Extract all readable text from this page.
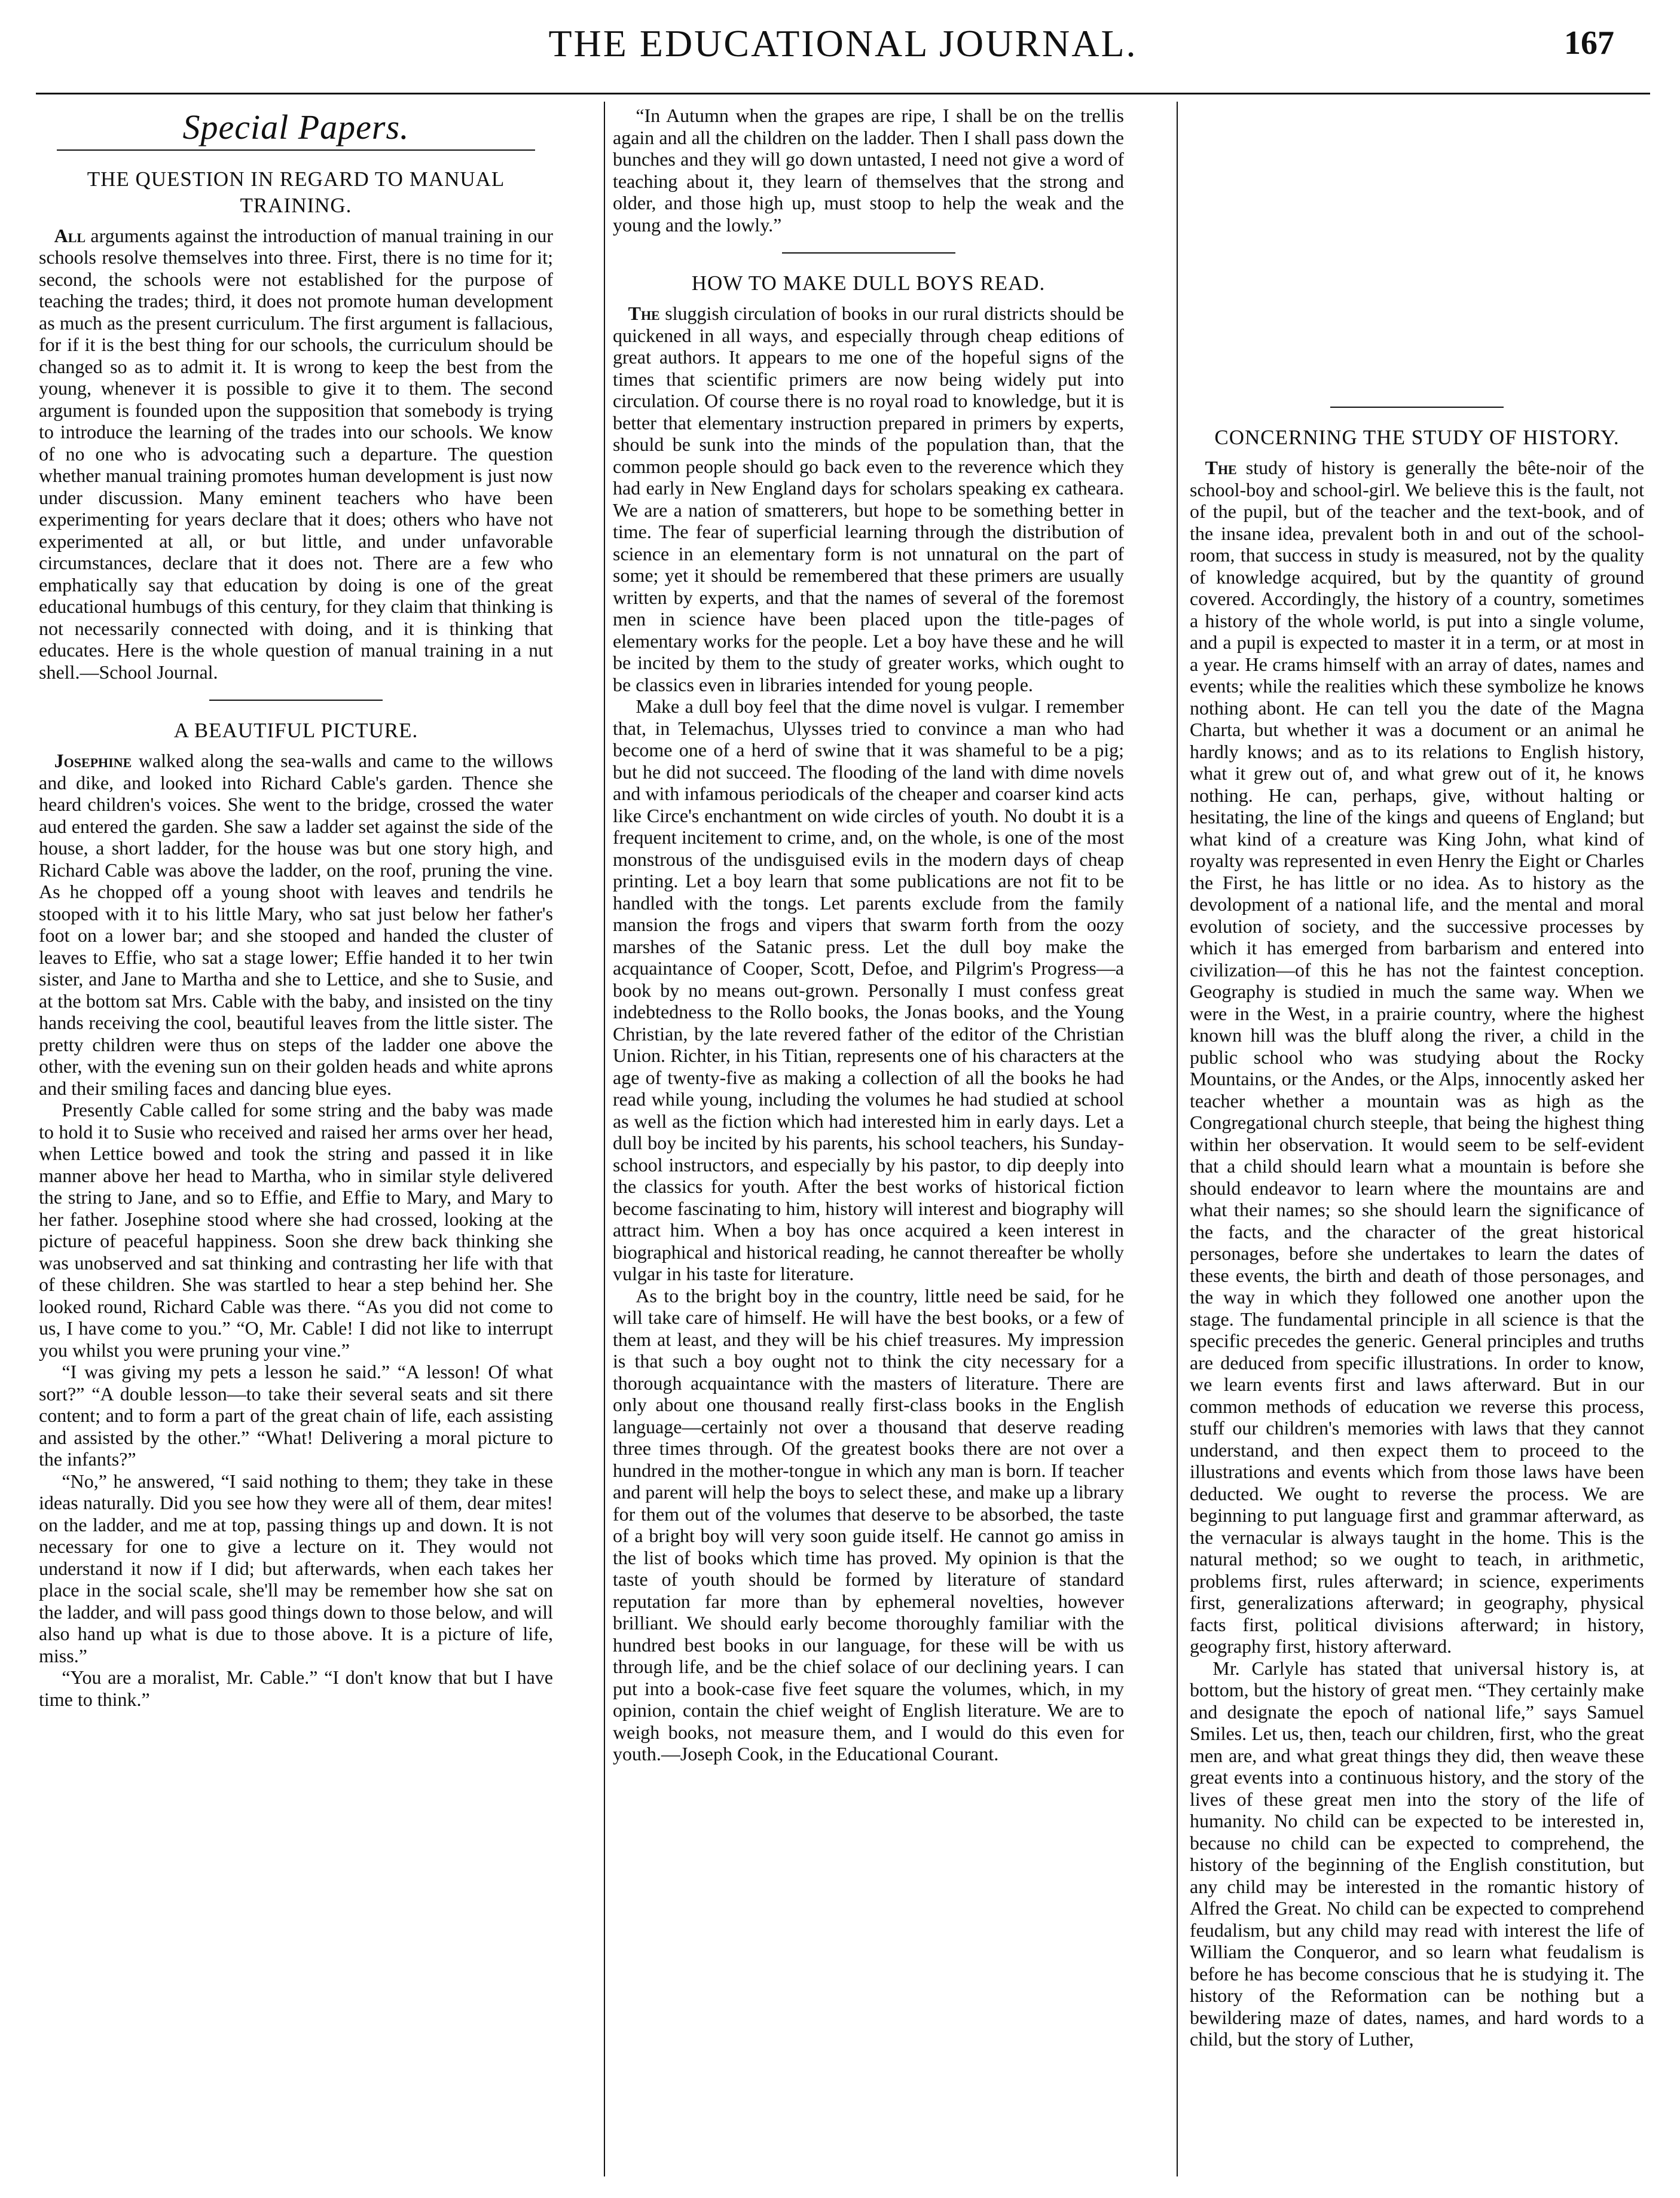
THE EDUCATIONAL JOURNAL.	167
Special Papers.
THE QUESTION IN REGARD TO MANUAL TRAINING.

All arguments against the introduction of manual training in our schools resolve themselves into three. First, there is no time for it; second, the schools were not established for the purpose of teaching the trades; third, it does not promote human development as much as the present curriculum. The first argument is fallacious, for if it is the best thing for our schools, the curriculum should be changed so as to admit it. It is wrong to keep the best from the young, whenever it is possible to give it to them. The second argument is founded upon the supposition that somebody is trying to introduce the learning of the trades into our schools. We know of no one who is advocating such a departure. The question whether manual training promotes human development is just now under discussion. Many eminent teachers who have been experimenting for years declare that it does; others who have not experimented at all, or but little, and under unfavorable circumstances, declare that it does not. There are a few who emphatically say that education by doing is one of the great educational humbugs of this century, for they claim that thinking is not necessarily connected with doing, and it is thinking that educates. Here is the whole question of manual training in a nut shell.—School Journal.

A BEAUTIFUL PICTURE.

Josephine walked along the sea-walls and came to the willows and dike, and looked into Richard Cable's garden. Thence she heard children's voices. She went to the bridge, crossed the water aud entered the garden. She saw a ladder set against the side of the house, a short ladder, for the house was but one story high, and Richard Cable was above the ladder, on the roof, pruning the vine. As he chopped off a young shoot with leaves and tendrils he stooped with it to his little Mary, who sat just below her father's foot on a lower bar; and she stooped and handed the cluster of leaves to Effie, who sat a stage lower; Effie handed it to her twin sister, and Jane to Martha and she to Lettice, and she to Susie, and at the bottom sat Mrs. Cable with the baby, and insisted on the tiny hands receiving the cool, beautiful leaves from the little sister. The pretty children were thus on steps of the ladder one above the other, with the evening sun on their golden heads and white aprons and their smiling faces and dancing blue eyes.

Presently Cable called for some string and the baby was made to hold it to Susie who received and raised her arms over her head, when Lettice bowed and took the string and passed it in like manner above her head to Martha, who in similar style delivered the string to Jane, and so to Effie, and Effie to Mary, and Mary to her father. Josephine stood where she had crossed, looking at the picture of peaceful happiness. Soon she drew back thinking she was unobserved and sat thinking and contrasting her life with that of these children. She was startled to hear a step behind her. She looked round, Richard Cable was there. “As you did not come to us, I have come to you.” “O, Mr. Cable! I did not like to interrupt you whilst you were pruning your vine.”

“I was giving my pets a lesson he said.” “A lesson! Of what sort?” “A double lesson—to take their several seats and sit there content; and to form a part of the great chain of life, each assisting and assisted by the other.” “What! Delivering a moral picture to the infants?”

“No,” he answered, “I said nothing to them; they take in these ideas naturally. Did you see how they were all of them, dear mites! on the ladder, and me at top, passing things up and down. It is not necessary for one to give a lecture on it. They would not understand it now if I did; but afterwards, when each takes her place in the social scale, she'll may be remember how she sat on the ladder, and will pass good things down to those below, and will also hand up what is due to those above. It is a picture of life, miss.”

“You are a moralist, Mr. Cable.” “I don't know that but I have time to think.”

“In Autumn when the grapes are ripe, I shall be on the trellis again and all the children on the ladder. Then I shall pass down the bunches and they will go down untasted, I need not give a word of teaching about it, they learn of themselves that the strong and older, and those high up, must stoop to help the weak and the young and the lowly.”

HOW TO MAKE DULL BOYS READ.

The sluggish circulation of books in our rural districts should be quickened in all ways, and especially through cheap editions of great authors. It appears to me one of the hopeful signs of the times that scientific primers are now being widely put into circulation. Of course there is no royal road to knowledge, but it is better that elementary instruction prepared in primers by experts, should be sunk into the minds of the population than, that the common people should go back even to the reverence which they had early in New England days for scholars speaking ex catheara. We are a nation of smatterers, but hope to be something better in time. The fear of superficial learning through the distribution of science in an elementary form is not unnatural on the part of some; yet it should be remembered that these primers are usually written by experts, and that the names of several of the foremost men in science have been placed upon the title-pages of elementary works for the people. Let a boy have these and he will be incited by them to the study of greater works, which ought to be classics even in libraries intended for young people.

Make a dull boy feel that the dime novel is vulgar. I remember that, in Telemachus, Ulysses tried to convince a man who had become one of a herd of swine that it was shameful to be a pig; but he did not succeed. The flooding of the land with dime novels and with infamous periodicals of the cheaper and coarser kind acts like Circe's enchantment on wide circles of youth. No doubt it is a frequent incitement to crime, and, on the whole, is one of the most monstrous of the undisguised evils in the modern days of cheap printing. Let a boy learn that some publications are not fit to be handled with the tongs. Let parents exclude from the family mansion the frogs and vipers that swarm forth from the oozy marshes of the Satanic press. Let the dull boy make the acquaintance of Cooper, Scott, Defoe, and Pilgrim's Progress—a book by no means out-grown. Personally I must confess great indebtedness to the Rollo books, the Jonas books, and the Young Christian, by the late revered father of the editor of the Christian Union. Richter, in his Titian, represents one of his characters at the age of twenty-five as making a collection of all the books he had read while young, including the volumes he had studied at school as well as the fiction which had interested him in early days. Let a dull boy be incited by his parents, his school teachers, his Sunday-school instructors, and especially by his pastor, to dip deeply into the classics for youth. After the best works of historical fiction become fascinating to him, history will interest and biography will attract him. When a boy has once acquired a keen interest in biographical and historical reading, he cannot thereafter be wholly vulgar in his taste for literature.

As to the bright boy in the country, little need be said, for he will take care of himself. He will have the best books, or a few of them at least, and they will be his chief treasures. My impression is that such a boy ought not to think the city necessary for a thorough acquaintance with the masters of literature. There are only about one thousand really first-class books in the English language—certainly not over a thousand that deserve reading three times through. Of the greatest books there are not over a hundred in the mother-tongue in which any man is born. If teacher and parent will help the boys to select these, and make up a library for them out of the volumes that deserve to be absorbed, the taste of a bright boy will very soon guide itself. He cannot go amiss in the list of books which time has proved. My opinion is that the taste of youth should be formed by literature of standard reputation far more than by ephemeral novelties, however brilliant. We should early become thoroughly familiar with the hundred best books in our language, for these will be with us through life, and be the chief solace of our declining years. I can put into a book-case five feet square the volumes, which, in my opinion, contain the chief weight of English literature. We are to weigh books, not measure them, and I would do this even for youth.—Joseph Cook, in the Educational Courant.

CONCERNING THE STUDY OF HISTORY.

The study of history is generally the bête-noir of the school-boy and school-girl. We believe this is the fault, not of the pupil, but of the teacher and the text-book, and of the insane idea, prevalent both in and out of the school-room, that success in study is measured, not by the quality of knowledge acquired, but by the quantity of ground covered. Accordingly, the history of a country, sometimes a history of the whole world, is put into a single volume, and a pupil is expected to master it in a term, or at most in a year. He crams himself with an array of dates, names and events; while the realities which these symbolize he knows nothing abont. He can tell you the date of the Magna Charta, but whether it was a document or an animal he hardly knows; and as to its relations to English history, what it grew out of, and what grew out of it, he knows nothing. He can, perhaps, give, without halting or hesitating, the line of the kings and queens of England; but what kind of a creature was King John, what kind of royalty was represented in even Henry the Eight or Charles the First, he has little or no idea. As to history as the devolopment of a national life, and the mental and moral evolution of society, and the successive processes by which it has emerged from barbarism and entered into civilization—of this he has not the faintest conception. Geography is studied in much the same way. When we were in the West, in a prairie country, where the highest known hill was the bluff along the river, a child in the public school who was studying about the Rocky Mountains, or the Andes, or the Alps, innocently asked her teacher whether a mountain was as high as the Congregational church steeple, that being the highest thing within her observation. It would seem to be self-evident that a child should learn what a mountain is before she should endeavor to learn where the mountains are and what their names; so she should learn the significance of the facts, and the character of the great historical personages, before she undertakes to learn the dates of these events, the birth and death of those personages, and the way in which they followed one another upon the stage. The fundamental principle in all science is that the specific precedes the generic. General principles and truths are deduced from specific illustrations. In order to know, we learn events first and laws afterward. But in our common methods of education we reverse this process, stuff our children's memories with laws that they cannot understand, and then expect them to proceed to the illustrations and events which from those laws have been deducted. We ought to reverse the process. We are beginning to put language first and grammar afterward, as the vernacular is always taught in the home. This is the natural method; so we ought to teach, in arithmetic, problems first, rules afterward; in science, experiments first, generalizations afterward; in geography, physical facts first, political divisions afterward; in history, geography first, history afterward.

Mr. Carlyle has stated that universal history is, at bottom, but the history of great men. “They certainly make and designate the epoch of national life,” says Samuel Smiles. Let us, then, teach our children, first, who the great men are, and what great things they did, then weave these great events into a continuous history, and the story of the lives of these great men into the story of the life of humanity. No child can be expected to be interested in, because no child can be expected to comprehend, the history of the beginning of the English constitution, but any child may be interested in the romantic history of Alfred the Great. No child can be expected to comprehend feudalism, but any child may read with interest the life of William the Conqueror, and so learn what feudalism is before he has become conscious that he is studying it. The history of the Reformation can be nothing but a bewildering maze of dates, names, and hard words to a child, but the story of Luther,
